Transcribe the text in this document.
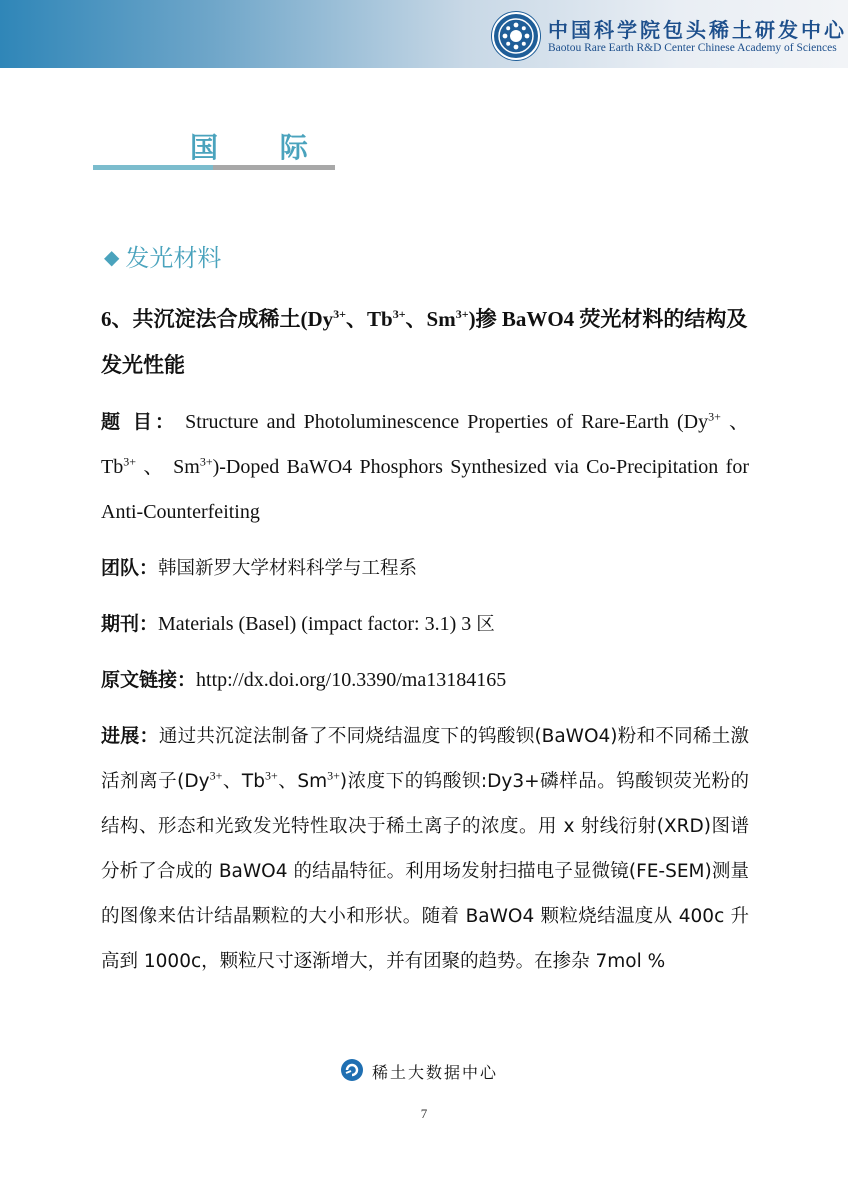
中国科学院包头稀土研发中心
Baotou Rare Earth R&D Center Chinese Academy of Sciences
国 际
◆ 发光材料
6、共沉淀法合成稀土($Dy^{3+}$、$Tb^{3+}$、$Sm^{3+}$)掺 BaWO4 荧光材料的结构及发光性能
题 目： Structure and Photoluminescence Properties of Rare-Earth ($Dy^{3+}$ 、 $Tb^{3+}$ 、 $Sm^{3+}$)-Doped BaWO4 Phosphors Synthesized via Co-Precipitation for Anti-Counterfeiting
团队：韩国新罗大学材料科学与工程系
期刊：Materials (Basel) (impact factor: 3.1) 3 区
原文链接：http://dx.doi.org/10.3390/ma13184165
进展：通过共沉淀法制备了不同烧结温度下的钨酸钡(BaWO4)粉和不同稀土激活剂离子($Dy^{3+}$、$Tb^{3+}$、$Sm^{3+}$)浓度下的钨酸钡:Dy3+磷样品。钨酸钡荧光粉的结构、形态和光致发光特性取决于稀土离子的浓度。用 x 射线衍射(XRD)图谱分析了合成的 BaWO4 的结晶特征。利用场发射扫描电子显微镜(FE-SEM)测量的图像来估计结晶颗粒的大小和形状。随着 BaWO4 颗粒烧结温度从 400c 升高到 1000c，颗粒尺寸逐渐增大，并有团聚的趋势。在掺杂 7mol %
稀土大数据中心
7
